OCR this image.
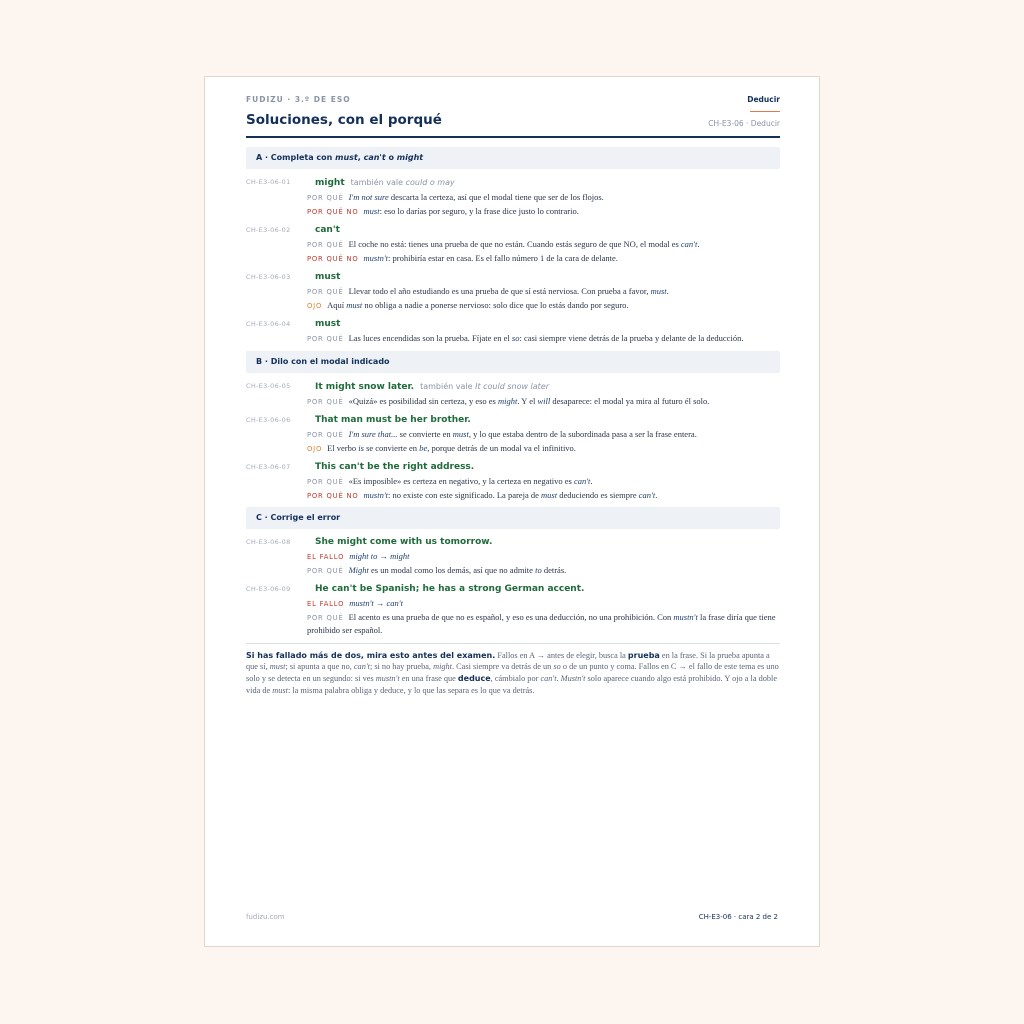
FUDIZU · 3.º DE ESO	Deducir
Soluciones, con el porqué	CH-E3-06 · Deducir
A · Completa con must, can't o might
CH-E3-06-01	might también vale could o may
POR QUÉ I'm not sure descarta la certeza, así que el modal tiene que ser de los flojos.
POR QUÉ NO must: eso lo darías por seguro, y la frase dice justo lo contrario.
CH-E3-06-02	can't
POR QUÉ El coche no está: tienes una prueba de que no están. Cuando estás seguro de que NO, el modal es can't.
POR QUÉ NO mustn't: prohibiría estar en casa. Es el fallo número 1 de la cara de delante.
CH-E3-06-03	must
POR QUÉ Llevar todo el año estudiando es una prueba de que sí está nerviosa. Con prueba a favor, must.
OJO Aquí must no obliga a nadie a ponerse nervioso: solo dice que lo estás dando por seguro.
CH-E3-06-04	must
POR QUÉ Las luces encendidas son la prueba. Fíjate en el so: casi siempre viene detrás de la prueba y delante de la deducción.
B · Dilo con el modal indicado
CH-E3-06-05	It might snow later. también vale It could snow later
POR QUÉ «Quizá» es posibilidad sin certeza, y eso es might. Y el will desaparece: el modal ya mira al futuro él solo.
CH-E3-06-06	That man must be her brother.
POR QUÉ I'm sure that... se convierte en must, y lo que estaba dentro de la subordinada pasa a ser la frase entera.
OJO El verbo is se convierte en be, porque detrás de un modal va el infinitivo.
CH-E3-06-07	This can't be the right address.
POR QUÉ «Es imposible» es certeza en negativo, y la certeza en negativo es can't.
POR QUÉ NO mustn't: no existe con este significado. La pareja de must deduciendo es siempre can't.
C · Corrige el error
CH-E3-06-08	She might come with us tomorrow.
EL FALLO might to → might
POR QUÉ Might es un modal como los demás, así que no admite to detrás.
CH-E3-06-09	He can't be Spanish; he has a strong German accent.
EL FALLO mustn't → can't
POR QUÉ El acento es una prueba de que no es español, y eso es una deducción, no una prohibición. Con mustn't la frase diría que tiene prohibido ser español.
Si has fallado más de dos, mira esto antes del examen. Fallos en A → antes de elegir, busca la prueba en la frase. Si la prueba apunta a que sí, must; si apunta a que no, can't; si no hay prueba, might. Casi siempre va detrás de un so o de un punto y coma. Fallos en C → el fallo de este tema es uno solo y se detecta en un segundo: si ves mustn't en una frase que deduce, cámbialo por can't. Mustn't solo aparece cuando algo está prohibido. Y ojo a la doble vida de must: la misma palabra obliga y deduce, y lo que las separa es lo que va detrás.
fudizu.com	CH-E3-06 · cara 2 de 2
